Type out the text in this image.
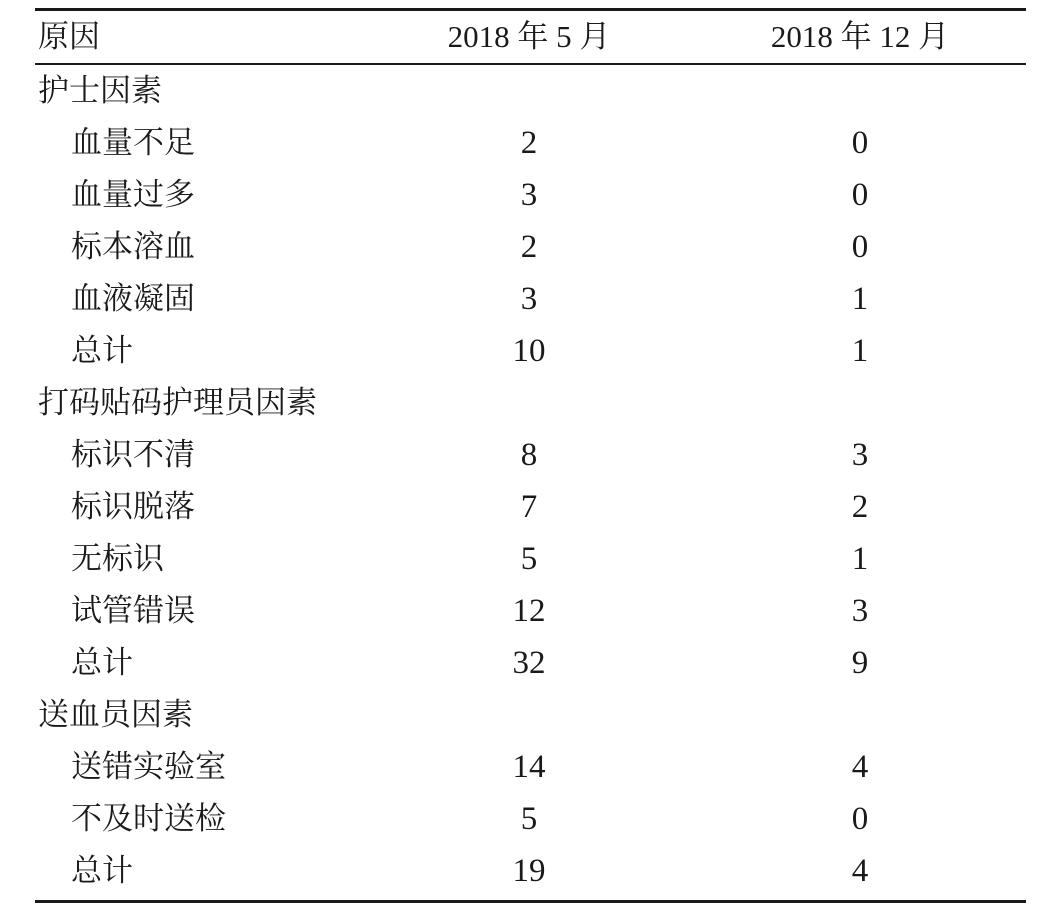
原因	2018 年 5 月	2018 年 12 月
护士因素
血量不足	2	0
血量过多	3	0
标本溶血	2	0
血液凝固	3	1
总计	10	1
打码贴码护理员因素
标识不清	8	3
标识脱落	7	2
无标识	5	1
试管错误	12	3
总计	32	9
送血员因素
送错实验室	14	4
不及时送检	5	0
总计	19	4
